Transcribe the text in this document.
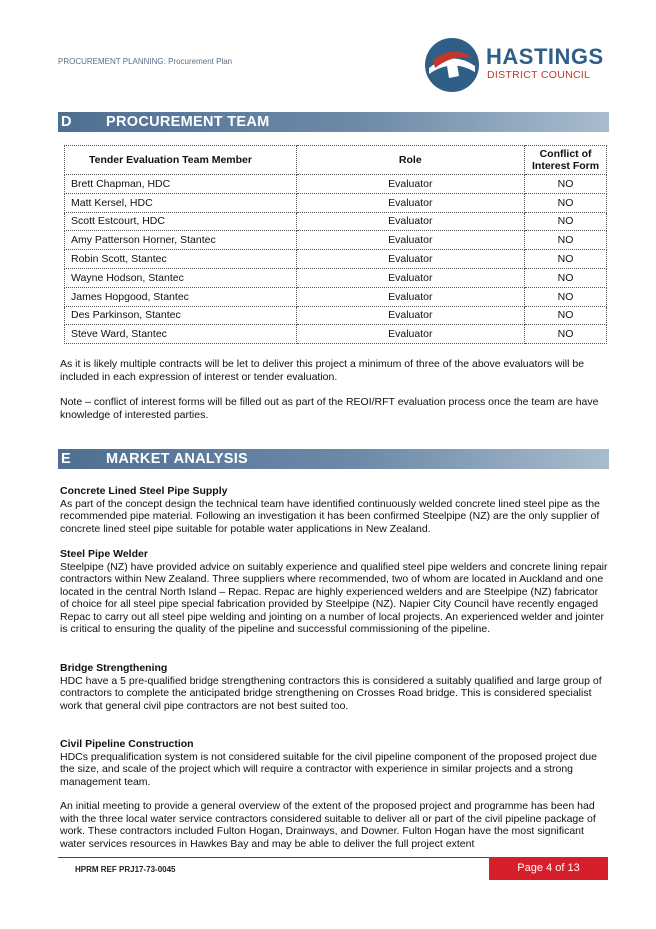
PROCUREMENT PLANNING: Procurement Plan	HASTINGS
DISTRICT COUNCIL
D PROCUREMENT TEAM
Tender Evaluation Team Member	Role	Conflict of
Interest Form
Brett Chapman, HDC	Evaluator	NO
Matt Kersel, HDC	Evaluator	NO
Scott Estcourt, HDC	Evaluator	NO
Amy Patterson Horner, Stantec	Evaluator	NO
Robin Scott, Stantec	Evaluator	NO
Wayne Hodson, Stantec	Evaluator	NO
James Hopgood, Stantec	Evaluator	NO
Des Parkinson, Stantec	Evaluator	NO
Steve Ward, Stantec	Evaluator	NO
As it is likely multiple contracts will be let to deliver this project a minimum of three of the above evaluators will be included in each expression of interest or tender evaluation.
Note – conflict of interest forms will be filled out as part of the REOI/RFT evaluation process once the team are have knowledge of interested parties.
E MARKET ANALYSIS
Concrete Lined Steel Pipe Supply
As part of the concept design the technical team have identified continuously welded concrete lined steel pipe as the recommended pipe material. Following an investigation it has been confirmed Steelpipe (NZ) are the only supplier of concrete lined steel pipe suitable for potable water applications in New Zealand.
Steel Pipe Welder
Steelpipe (NZ) have provided advice on suitably experience and qualified steel pipe welders and concrete lining repair contractors within New Zealand. Three suppliers where recommended, two of whom are located in Auckland and one located in the central North Island – Repac. Repac are highly experienced welders and are Steelpipe (NZ) fabricator of choice for all steel pipe special fabrication provided by Steelpipe (NZ). Napier City Council have recently engaged Repac to carry out all steel pipe welding and jointing on a number of local projects. An experienced welder and jointer is critical to ensuring the quality of the pipeline and successful commissioning of the pipeline.
Bridge Strengthening
HDC have a 5 pre-qualified bridge strengthening contractors this is considered a suitably qualified and large group of contractors to complete the anticipated bridge strengthening on Crosses Road bridge. This is considered specialist work that general civil pipe contractors are not best suited too.
Civil Pipeline Construction
HDCs prequalification system is not considered suitable for the civil pipeline component of the proposed project due the size, and scale of the project which will require a contractor with experience in similar projects and a strong management team.
An initial meeting to provide a general overview of the extent of the proposed project and programme has been had with the three local water service contractors considered suitable to deliver all or part of the civil pipeline package of work. These contractors included Fulton Hogan, Drainways, and Downer. Fulton Hogan have the most significant water services resources in Hawkes Bay and may be able to deliver the full project extent
HPRM REF PRJ17-73-0045	Page 4 of 13
